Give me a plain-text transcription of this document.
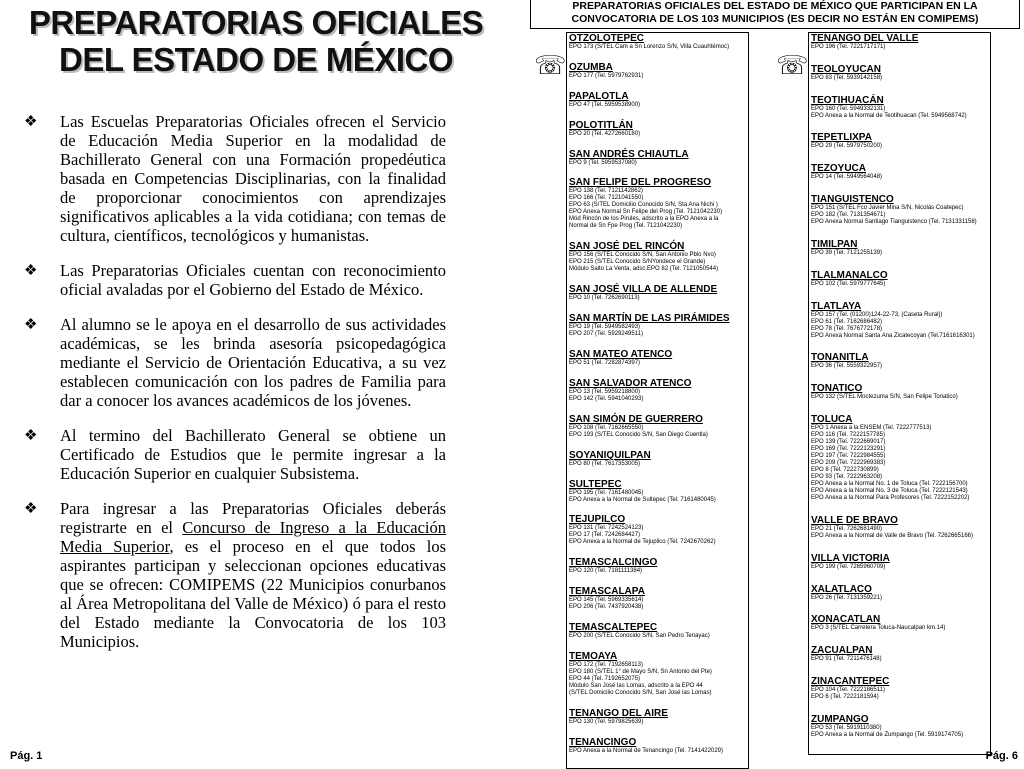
PREPARATORIAS OFICIALES
DEL ESTADO DE MÉXICO
❖ Las Escuelas Preparatorias Oficiales ofrecen el Servicio de Educación Media Superior en la modalidad de Bachillerato General con una Formación propedéutica basada en Competencias Disciplinarias, con la finalidad de proporcionar conocimientos con aprendizajes significativos aplicables a la vida cotidiana; con temas de cultura, científicos, tecnológicos y humanistas.
❖ Las Preparatorias Oficiales cuentan con reconocimiento oficial avaladas por el Gobierno del Estado de México.
❖ Al alumno se le apoya en el desarrollo de sus actividades académicas, se les brinda asesoría psicopedagógica mediante el Servicio de Orientación Educativa, a su vez establecen comunicación con los padres de Familia para dar a conocer los avances académicos de los jóvenes.
❖ Al termino del Bachillerato General se obtiene un Certificado de Estudios que le permite ingresar a la Educación Superior en cualquier Subsistema.
❖ Para ingresar a las Preparatorias Oficiales deberás registrarte en el Concurso de Ingreso a la Educación Media Superior, es el proceso en el que todos los aspirantes participan y seleccionan opciones educativas que se ofrecen: COMIPEMS (22 Municipios conurbanos al Área Metropolitana del Valle de México) ó para el resto del Estado mediante la Convocatoria de los 103 Municipios.
Pág. 1
PREPARATORIAS OFICIALES DEL ESTADO DE MÉXICO QUE PARTICIPAN EN LA
CONVOCATORIA DE LOS 103 MUNICIPIOS (ES DECIR NO ESTÁN EN COMIPEMS)
☏	☏
OTZOLOTEPEC
EPO 173 (S/TEL Cam a Sn Lorenzo S/N, Villa Cuauhtémoc)
OZUMBA
EPO 177 (Tel. 5979762931)
PAPALOTLA
EPO 47 (Tel. 5959538900)
POLOTITLÁN
EPO 20 (Tel. 4272660180)
SAN ANDRÉS CHIAUTLA
EPO 9 (Tel. 5959537080)
SAN FELIPE DEL PROGRESO
EPO 138 (Tel. 7121142862)
EPO 166 (Tel. 7121041550)
EPO 63 (S/TEL Domicilio Conocido S/N, Sta Ana Nichi )
EPO Anexa Normal Sn Felipe del Prog (Tel. 7121042230)
Mód Rincón de los Pirules, adscrito a la EPO Anexa a la
Normal de Sn Fpe Prog (Tel. 7121042230)
SAN JOSÉ DEL RINCÓN
EPO 156 (S/TEL Conocido S/N, San Antonio Pblo Nvo)
EPO 215 (S/TEL Conocido S/NYondece el Grande)
Módulo Salto La Venta, adsc.EPO 82 (Tel. 7121050544)
SAN JOSÉ VILLA DE ALLENDE
EPO 10 (Tel. 7262690113)
SAN MARTÍN DE LAS PIRÁMIDES
EPO 19 (Tel. 5949582493)
EPO 207 (Tel. 5929249511)
SAN MATEO ATENCO
EPO 51 (Tel. 7282874397)
SAN SALVADOR ATENCO
EPO 13 (Tel. 5959218800)
EPO 142 (Tel. 5941040293)
SAN SIMÓN DE GUERRERO
EPO 108 (Tel. 7162665550)
EPO 193 (S/TEL Conocido S/N, San Diego Cuentla)
SOYANIQUILPAN
EPO 80 (Tel. 7617353005)
SULTEPEC
EPO 195 (Tel. 7161480045)
EPO Anexa a la Normal de Sultepec (Tel. 7161480045)
TEJUPILCO
EPO 131 (Tel. 7242524123)
EPO 17 (Tel. 7242684427)
EPO Anexa a la Normal de Tejupilco (Tel. 7242670262)
TEMASCALCINGO
EPO 120 (Tel. 7181111384)
TEMASCALAPA
EPO 145 (Tel. 5969335614)
EPO 206 (Tel. 7437920438)
TEMASCALTEPEC
EPO 200 (S/TEL Conocido S/N, San Pedro Tenayac)
TEMOAYA
EPO 172 (Tel. 7192658113)
EPO 180 (S/TEL 1° de Mayo S/N, Sn Antonio del Pte)
EPO 44 (Tel. 7192652075)
Módulo San José las Lomas, adscrito a la EPO 44
(S/TEL Domicilio Conocido S/N, San José las Lomas)
TENANGO DEL AIRE
EPO 130 (Tel. 5979825639)
TENANCINGO
EPO Anexa a la Normal de Tenancingo (Tel. 7141422029)
TENANGO DEL VALLE
EPO 196 (Tel. 7221717171)
TEOLOYUCAN
EPO 83 (Tel. 5939142158)
TEOTIHUACÁN
EPO 160 (Tel. 5949332131)
EPO Anexa a la Normal de Teotihuacan (Tel. 5949568742)
TEPETLIXPA
EPO 29 (Tel. 5979750200)
TEZOYUCA
EPO 14 (Tel. 5949564048)
TIANGUISTENCO
EPO 151 (S/TEL Fco Javier Mina S/N, Nicolás Coatepec)
EPO 182 (Tel. 7131354671)
EPO Anexa Normal Santiago Tianguistenco (Tel. 7131331158)
TIMILPAN
EPO 39 (Tel. 7121255139)
TLALMANALCO
EPO 102 (Tel. 5979777645)
TLATLAYA
EPO 157 (Tel. (01200)124-22-73, (Caseta Rural))
EPO 61 (Tel. 7162686482)
EPO 78 (Tel. 7676772178)
EPO Anexa Normal Santa Ana Zicatecoyan (Tel.7161616301)
TONANITLA
EPO 36 (Tel. 5559322957)
TONATICO
EPO 132 (S/TEL Moctezuma S/N, San Felipe Tonatico)
TOLUCA
EPO 1 Anexa a la ENSEM (Tel. 7222777513)
EPO 116 (Tel. 7222157785)
EPO 139 (Tel. 7222669017)
EPO 169 (Tel. 7222123291)
EPO 197 (Tel. 7222984555)
EPO 209 (Tel. 7222969383)
EPO 8 (Tel. 7222730899)
EPO 93 (Tel. 7222963208)
EPO Anexa a la Normal No. 1 de Toluca (Tel. 7222156700)
EPO Anexa a la Normal No. 3 de Toluca (Tel. 7222121543)
EPO Anexa a la Normal Para Profesores (Tel. 7222152202)
VALLE DE BRAVO
EPO 21 (Tel. 7262681490)
EPO Anexa a la Normal de Valle de Bravo (Tel. 7262665166)
VILLA VICTORIA
EPO 199 (Tel. 7265960709)
XALATLACO
EPO 26 (Tel. 7131359221)
XONACATLAN
EPO 3 (S/TEL Carretera Toluca-Naucalpan km.14)
ZACUALPAN
EPO 91 (Tel. 7211476148)
ZINACANTEPEC
EPO 104 (Tel. 7222186511)
EPO 6 (Tel. 7222181594)
ZUMPANGO
EPO 53 (Tel. 5919110380)
EPO Anexa a la Normal de Zumpango (Tel. 5919174705)
Pág. 6
